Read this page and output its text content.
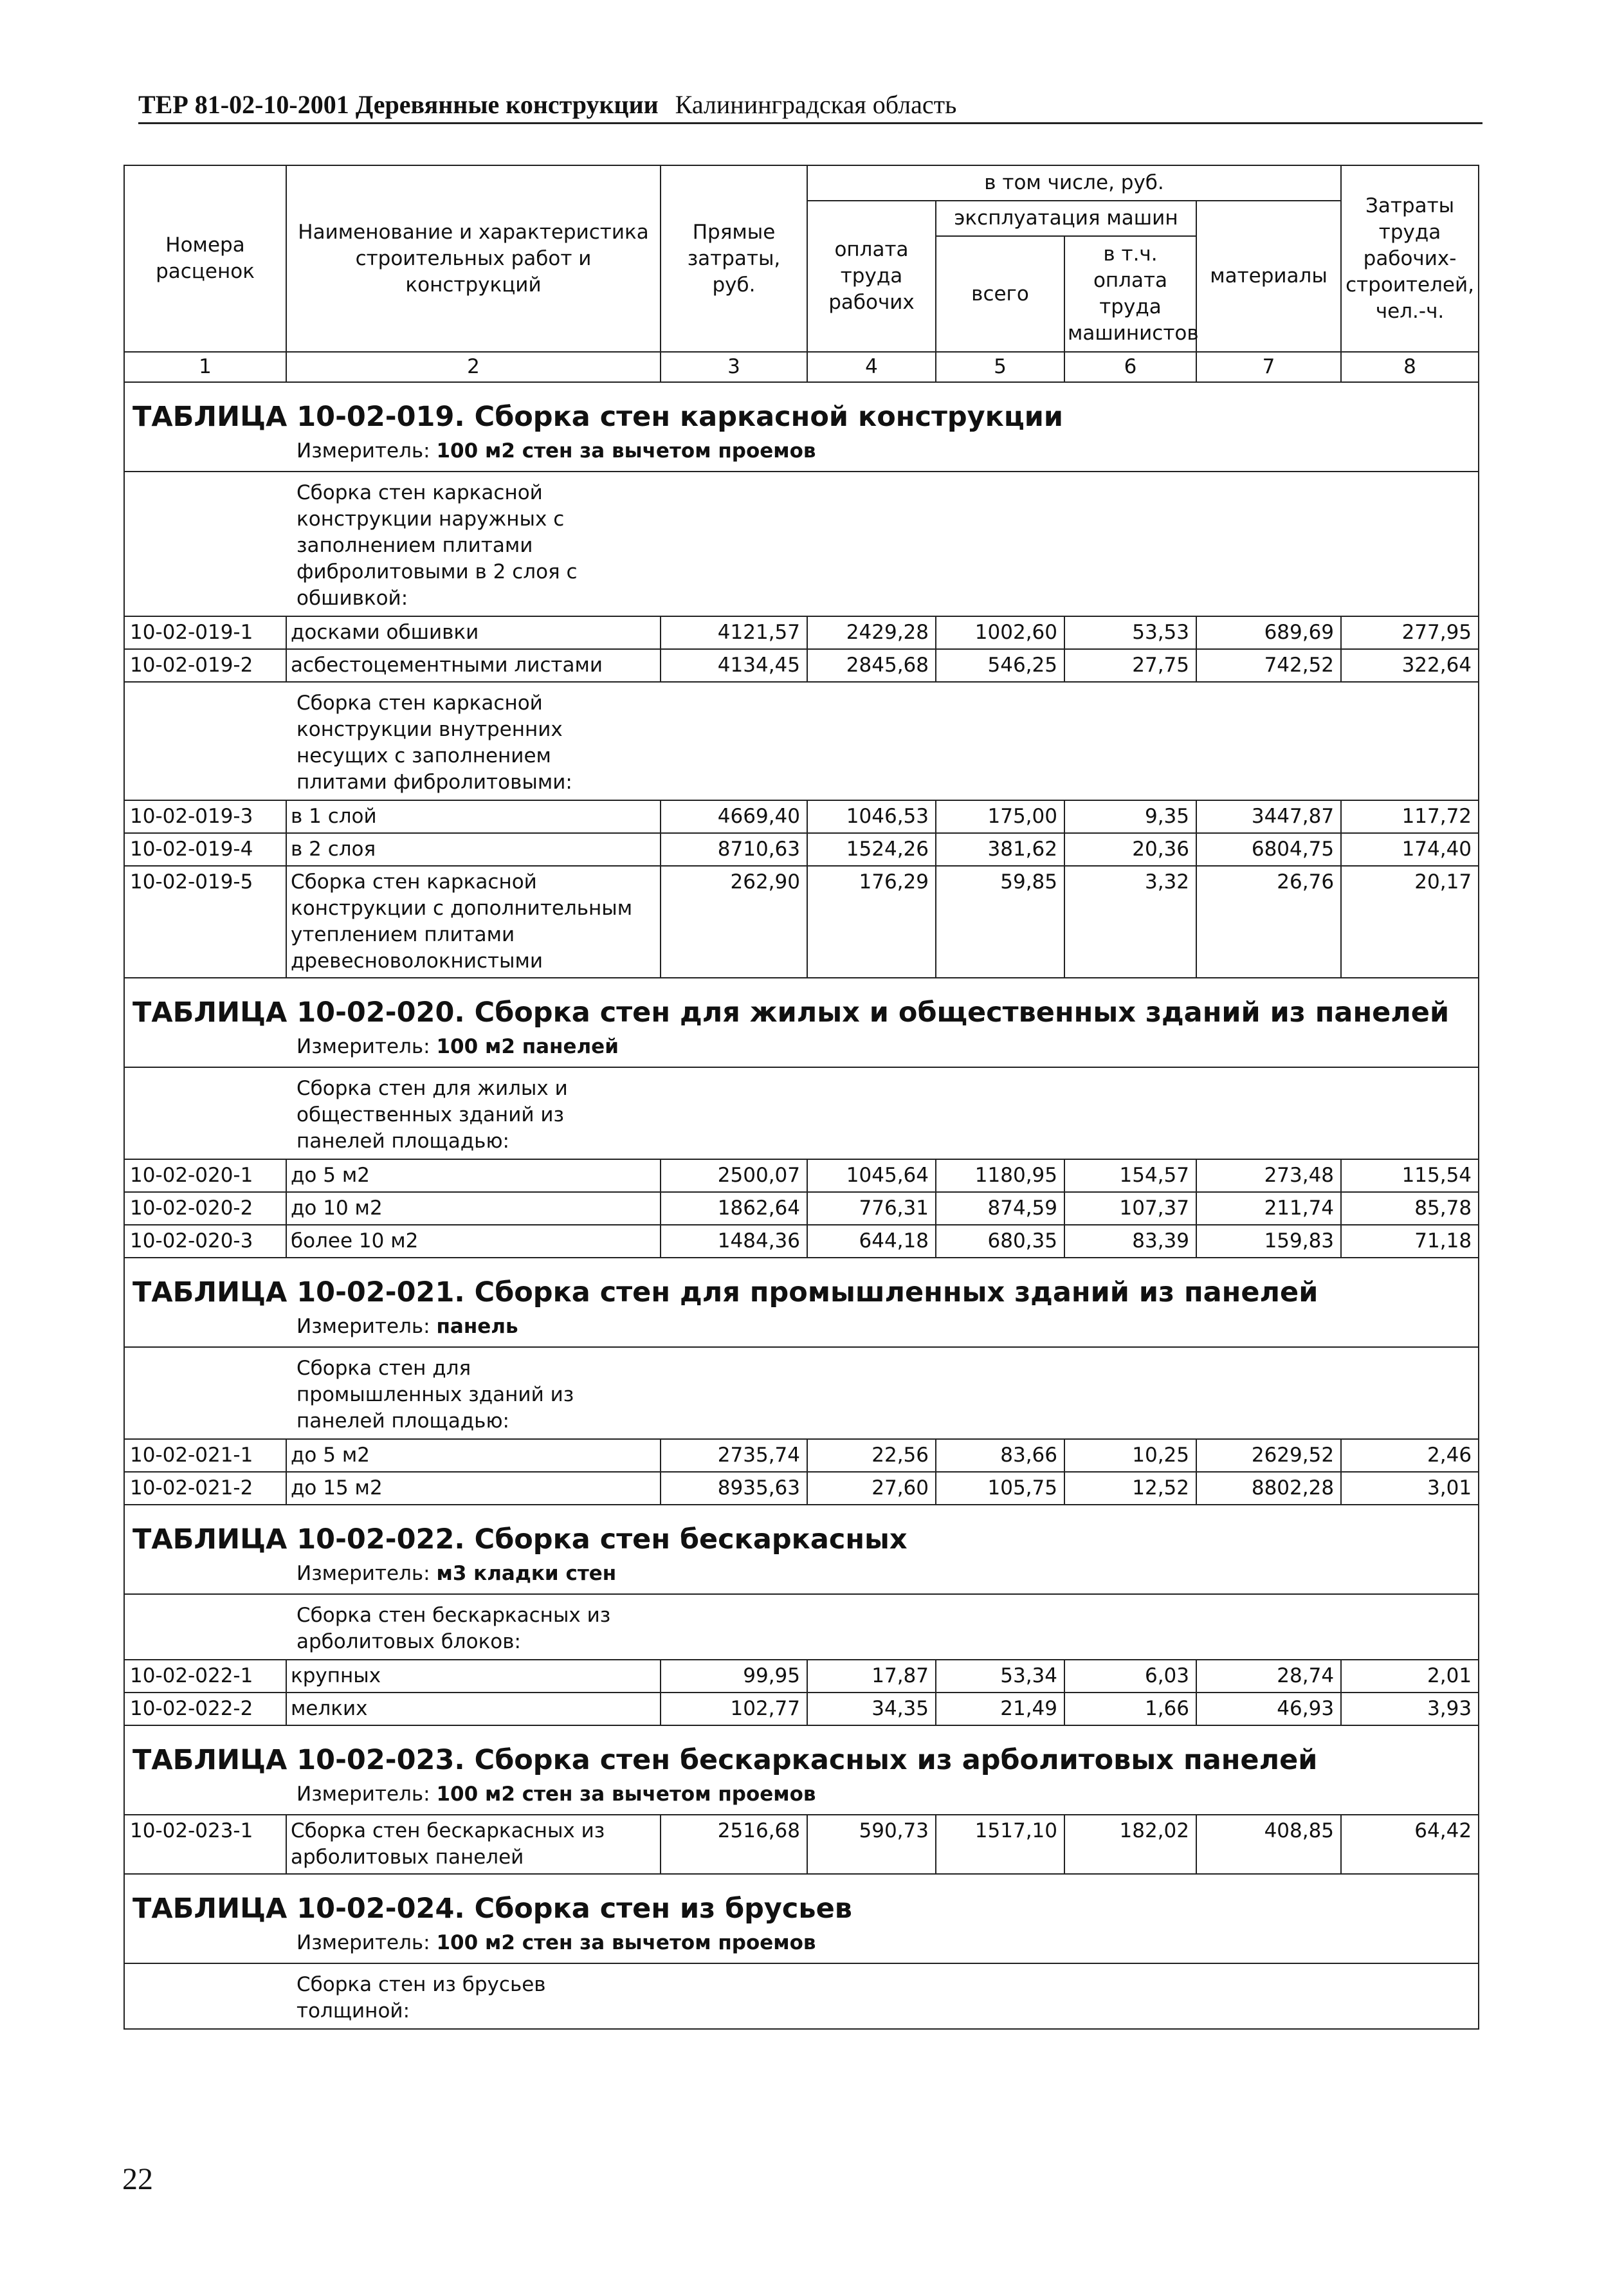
ТЕР 81-02-10-2001 Деревянные конструкции Калининградская область
Номера расценок	Наименование и характеристика строительных работ и конструкций	Прямые затраты, руб.	в том числе, руб.				Затраты труда рабочих-строителей, чел.-ч.
			оплата труда рабочих	эксплуатация машин		материалы	
				всего	в т.ч. оплата труда машинистов		
1	2	3	4	5	6	7	8

ТАБЛИЦА 10-02-019. Сборка стен каркасной конструкции							

Измеритель: 100 м2 стен за вычетом проемов							

Сборка стен каркасной конструкции наружных с заполнением плитами фибролитовыми в 2 слоя с обшивкой:							

10-02-019-1	досками обшивки	4121,57	2429,28	1002,60	53,53	689,69	277,95
10-02-019-2	асбестоцементными листами	4134,45	2845,68	546,25	27,75	742,52	322,64

Сборка стен каркасной конструкции внутренних несущих с заполнением плитами фибролитовыми:							

10-02-019-3	в 1 слой	4669,40	1046,53	175,00	9,35	3447,87	117,72
10-02-019-4	в 2 слоя	8710,63	1524,26	381,62	20,36	6804,75	174,40
10-02-019-5	Сборка стен каркасной конструкции с дополнительным утеплением плитами древесноволокнистыми	262,90	176,29	59,85	3,32	26,76	20,17

ТАБЛИЦА 10-02-020. Сборка стен для жилых и общественных зданий из панелей							

Измеритель: 100 м2 панелей							

Сборка стен для жилых и общественных зданий из панелей площадью:							

10-02-020-1	до 5 м2	2500,07	1045,64	1180,95	154,57	273,48	115,54
10-02-020-2	до 10 м2	1862,64	776,31	874,59	107,37	211,74	85,78
10-02-020-3	более 10 м2	1484,36	644,18	680,35	83,39	159,83	71,18

ТАБЛИЦА 10-02-021. Сборка стен для промышленных зданий из панелей							

Измеритель: панель							

Сборка стен для промышленных зданий из панелей площадью:							

10-02-021-1	до 5 м2	2735,74	22,56	83,66	10,25	2629,52	2,46
10-02-021-2	до 15 м2	8935,63	27,60	105,75	12,52	8802,28	3,01

ТАБЛИЦА 10-02-022. Сборка стен бескаркасных							

Измеритель: м3 кладки стен							

Сборка стен бескаркасных из арболитовых блоков:							

10-02-022-1	крупных	99,95	17,87	53,34	6,03	28,74	2,01
10-02-022-2	мелких	102,77	34,35	21,49	1,66	46,93	3,93

ТАБЛИЦА 10-02-023. Сборка стен бескаркасных из арболитовых панелей							

Измеритель: 100 м2 стен за вычетом проемов							
10-02-023-1	Сборка стен бескаркасных из арболитовых панелей	2516,68	590,73	1517,10	182,02	408,85	64,42

ТАБЛИЦА 10-02-024. Сборка стен из брусьев							

Измеритель: 100 м2 стен за вычетом проемов							

Сборка стен из брусьев толщиной:							
22
